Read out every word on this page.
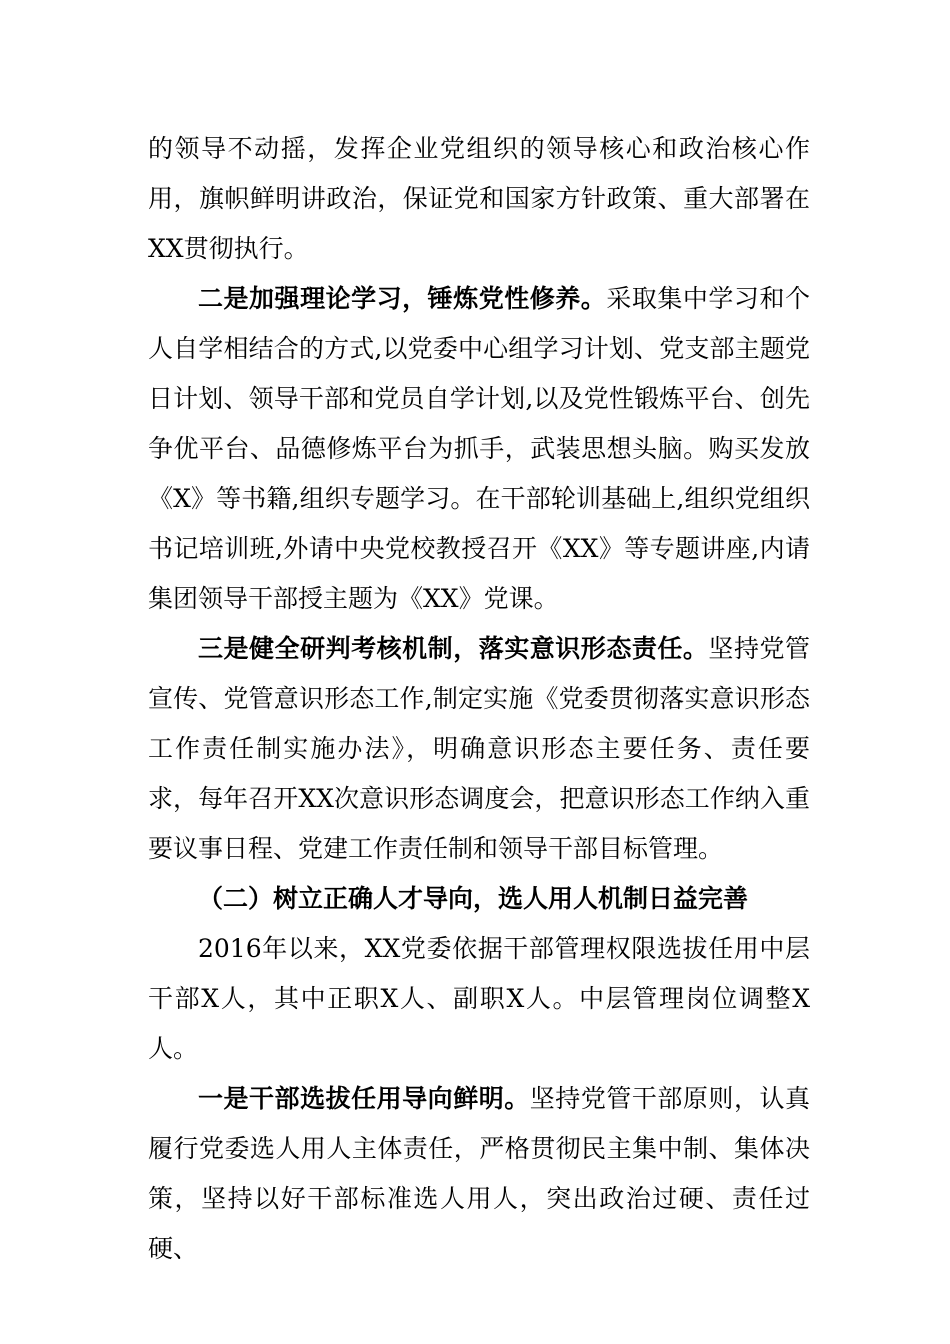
的领导不动摇，发挥企业党组织的领导核心和政治核心作用，旗帜鲜明讲政治，保证党和国家方针政策、重大部署在XX贯彻执行。

二是加强理论学习，锤炼党性修养。采取集中学习和个人自学相结合的方式,以党委中心组学习计划、党支部主题党日计划、领导干部和党员自学计划,以及党性锻炼平台、创先争优平台、品德修炼平台为抓手，武装思想头脑。购买发放《X》等书籍,组织专题学习。在干部轮训基础上,组织党组织书记培训班,外请中央党校教授召开《XX》等专题讲座,内请集团领导干部授主题为《XX》党课。

三是健全研判考核机制，落实意识形态责任。坚持党管宣传、党管意识形态工作,制定实施《党委贯彻落实意识形态工作责任制实施办法》，明确意识形态主要任务、责任要求，每年召开XX次意识形态调度会，把意识形态工作纳入重要议事日程、党建工作责任制和领导干部目标管理。

（二）树立正确人才导向，选人用人机制日益完善

2016年以来，XX党委依据干部管理权限选拔任用中层干部X人，其中正职X人、副职X人。中层管理岗位调整X人。

一是干部选拔任用导向鲜明。坚持党管干部原则，认真履行党委选人用人主体责任，严格贯彻民主集中制、集体决策，坚持以好干部标准选人用人，突出政治过硬、责任过硬、
